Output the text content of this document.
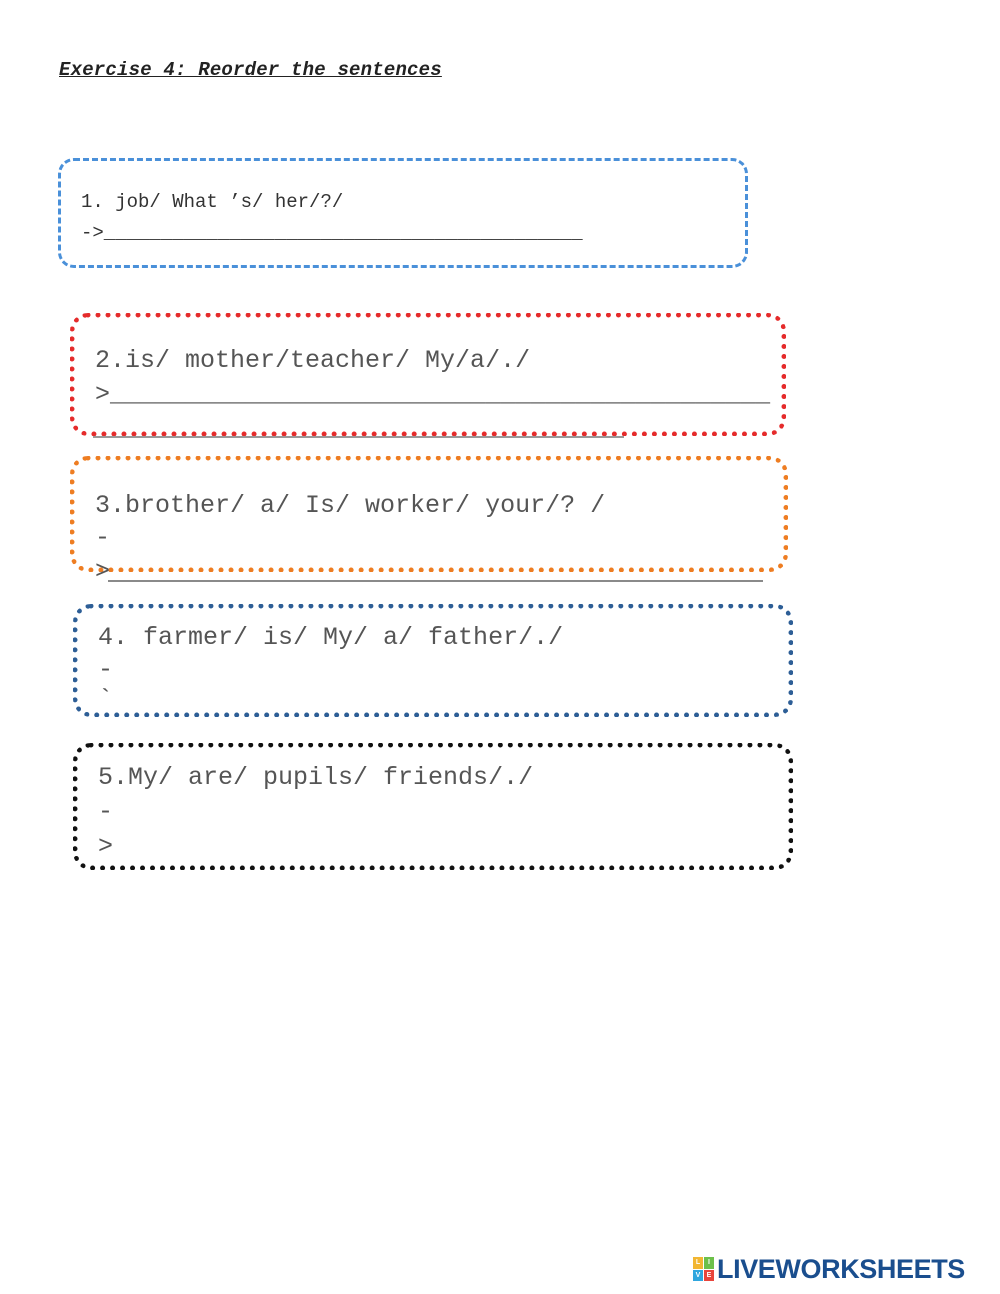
Exercise 4: Reorder the sentences
1. job/ What ’s/ her/?/
->__________________________________________
2.is/ mother/teacher/ My/a/./
>____________________________________________
3.brother/ a/ Is/ worker/ your/? /
-
>
4. farmer/ is/ My/ a/ father/./
-
`
5.My/ are/ pupils/ friends/./
-
>
L	I
V E LIVEWORKSHEETS
